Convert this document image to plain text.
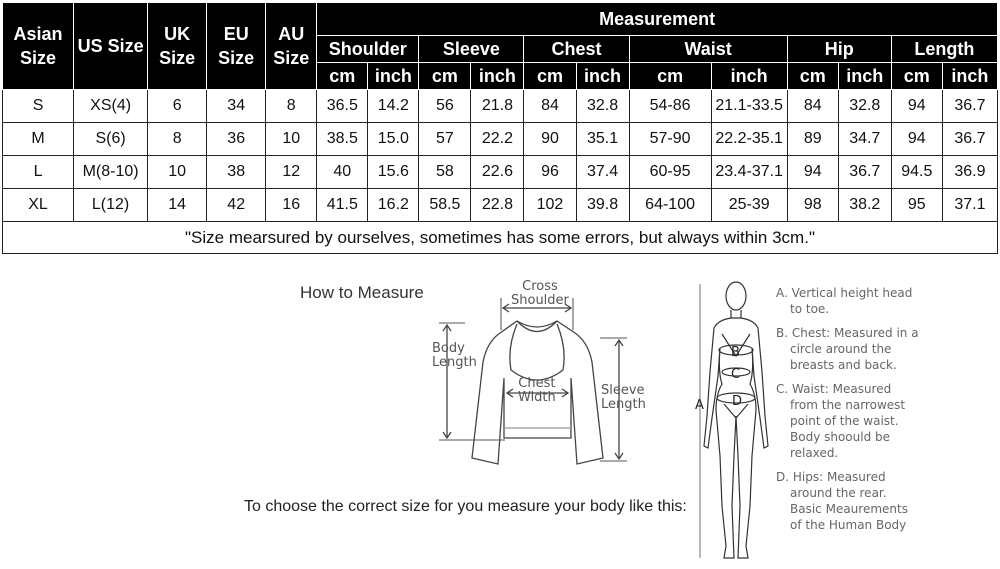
Asian Size	US Size	UK Size	EU Size	AU Size	Measurement											
					Shoulder		Sleeve		Chest		Waist		Hip		Length	
					cm	inch	cm	inch	cm	inch	cm	inch	cm	inch	cm	inch
S	XS(4)	6	34	8	36.5	14.2	56	21.8	84	32.8	54-86	21.1-33.5	84	32.8	94	36.7
M	S(6)	8	36	10	38.5	15.0	57	22.2	90	35.1	57-90	22.2-35.1	89	34.7	94	36.7
L	M(8-10)	10	38	12	40	15.6	58	22.6	96	37.4	60-95	23.4-37.1	94	36.7	94.5	36.9
XL	L(12)	14	42	16	41.5	16.2	58.5	22.8	102	39.8	64-100	25-39	98	38.2	95	37.1
"Size mearsured by ourselves, sometimes has some errors, but always within 3cm."																
How to Measure
To choose the correct size for you measure your body like this:
Cross
Shoulder
Body
Length
Chest
Width	Sleeve
Length
B
C
A D

A. Vertical height head
to toe.

B. Chest: Measured in a
circle around the
breasts and back.

C. Waist: Measured
from the narrowest
point of the waist.
Body shoould be
relaxed.

D. Hips: Measured
around the rear.
Basic Meaurements
of the Human Body
